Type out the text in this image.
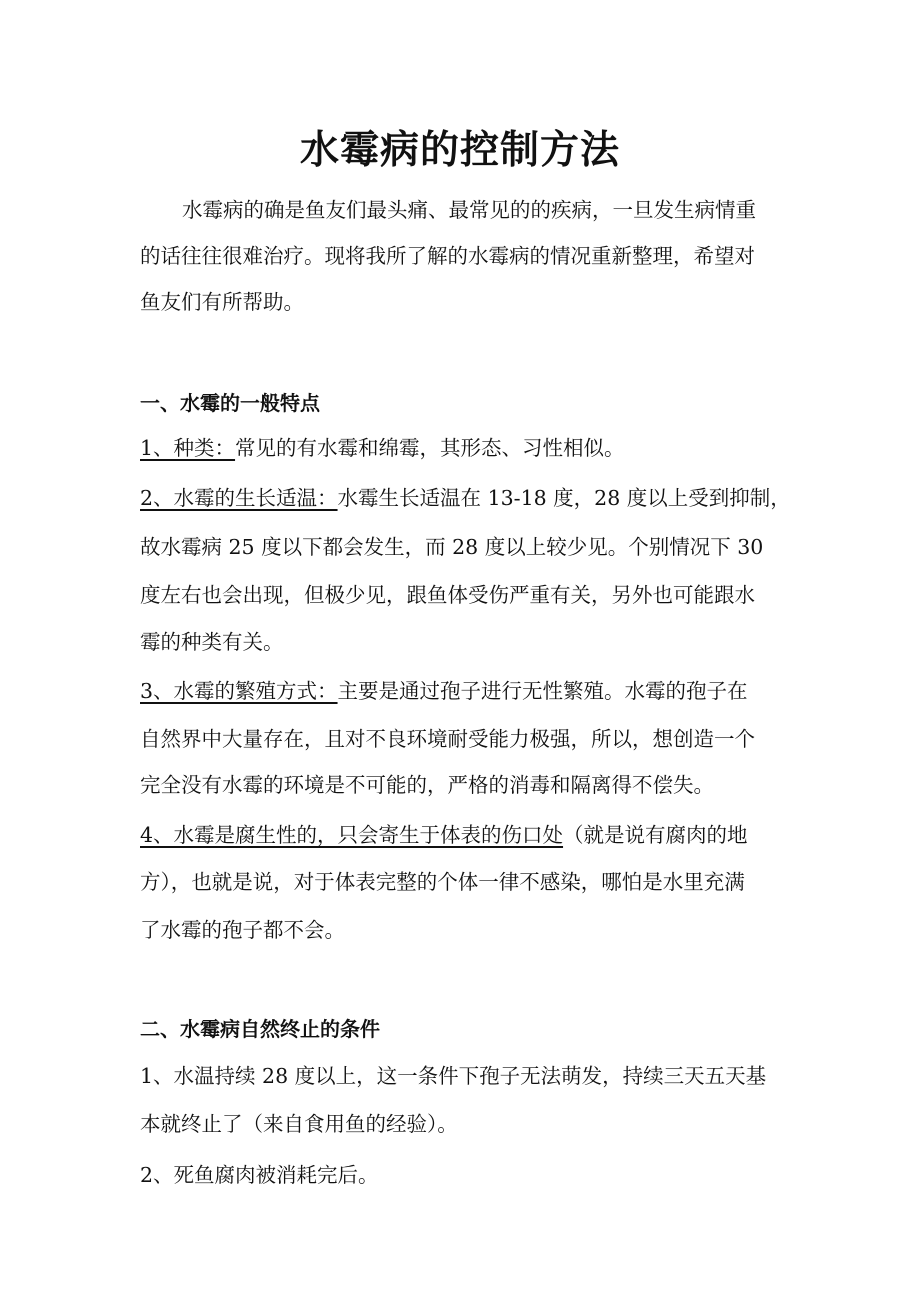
水霉病的控制方法
水霉病的确是鱼友们最头痛、最常见的的疾病，一旦发生病情重
的话往往很难治疗。现将我所了解的水霉病的情况重新整理，希望对
鱼友们有所帮助。
一、水霉的一般特点
1、种类：常见的有水霉和绵霉，其形态、习性相似。
2、水霉的生长适温：水霉生长适温在 13-18 度，28 度以上受到抑制，
故水霉病 25 度以下都会发生，而 28 度以上较少见。个别情况下 30
度左右也会出现，但极少见，跟鱼体受伤严重有关，另外也可能跟水
霉的种类有关。
3、水霉的繁殖方式：主要是通过孢子进行无性繁殖。水霉的孢子在
自然界中大量存在，且对不良环境耐受能力极强，所以，想创造一个
完全没有水霉的环境是不可能的，严格的消毒和隔离得不偿失。
4、水霉是腐生性的，只会寄生于体表的伤口处（就是说有腐肉的地
方），也就是说，对于体表完整的个体一律不感染，哪怕是水里充满
了水霉的孢子都不会。
二、水霉病自然终止的条件
1、水温持续 28 度以上，这一条件下孢子无法萌发，持续三天五天基
本就终止了（来自食用鱼的经验）。
2、死鱼腐肉被消耗完后。
